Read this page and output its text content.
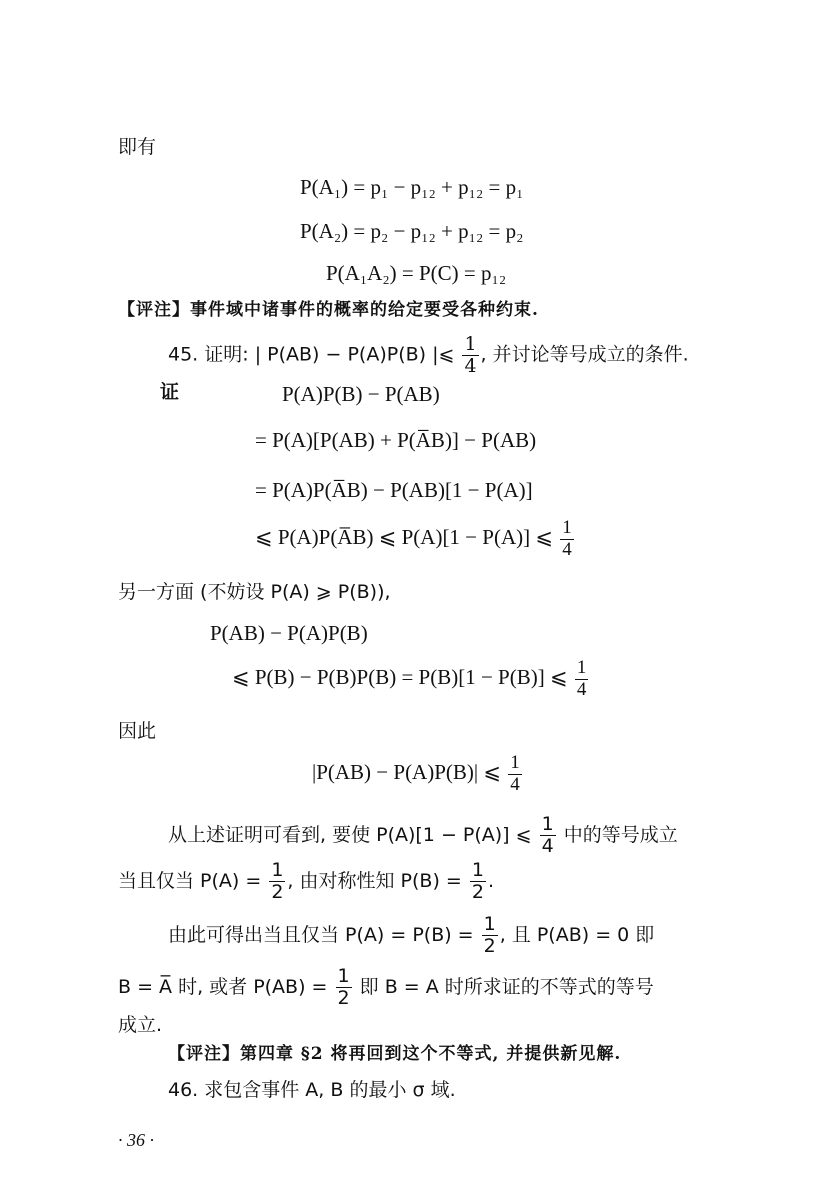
即有
P(A₁) = p₁ − p₁₂ + p₁₂ = p₁
P(A₂) = p₂ − p₁₂ + p₁₂ = p₂
P(A₁A₂) = P(C) = p₁₂
【评注】事件域中诸事件的概率的给定要受各种约束.
45. 证明: | P(AB) − P(A)P(B) |⩽ $\frac{1}{4}$ , 并讨论等号成立的条件.
证	P(A)P(B) − P(AB)
= P(A)[P(AB) + P(A̅B)] − P(AB)
= P(A)P(A̅B) − P(AB)[1 − P(A)]
⩽ P(A)P(A̅B) ⩽ P(A)[1 − P(A)] ⩽ $\frac{1}{4}$
另一方面 (不妨设 P(A) ⩾ P(B)),
P(AB) − P(A)P(B)
⩽ P(B) − P(B)P(B) = P(B)[1 − P(B)] ⩽ $\frac{1}{4}$
因此
|P(AB) − P(A)P(B)| ⩽ $\frac{1}{4}$
从上述证明可看到, 要使 P(A)[1 − P(A)] ⩽ $\frac{1}{4}$ 中的等号成立
当且仅当 $P(A) = \frac{1}{2}$ , 由对称性知 $P(B) = \frac{1}{2}$ .
由此可得出当且仅当 $P(A) = P(B) = \frac{1}{2}$ , 且 P(AB) = 0 即
B = A̅ 时, 或者 $P(AB) = \frac{1}{2}$ 即 B = A 时所求证的不等式的等号
成立.
【评注】第四章 §2 将再回到这个不等式, 并提供新见解.
46. 求包含事件 A, B 的最小 σ 域.
· 36 ·
